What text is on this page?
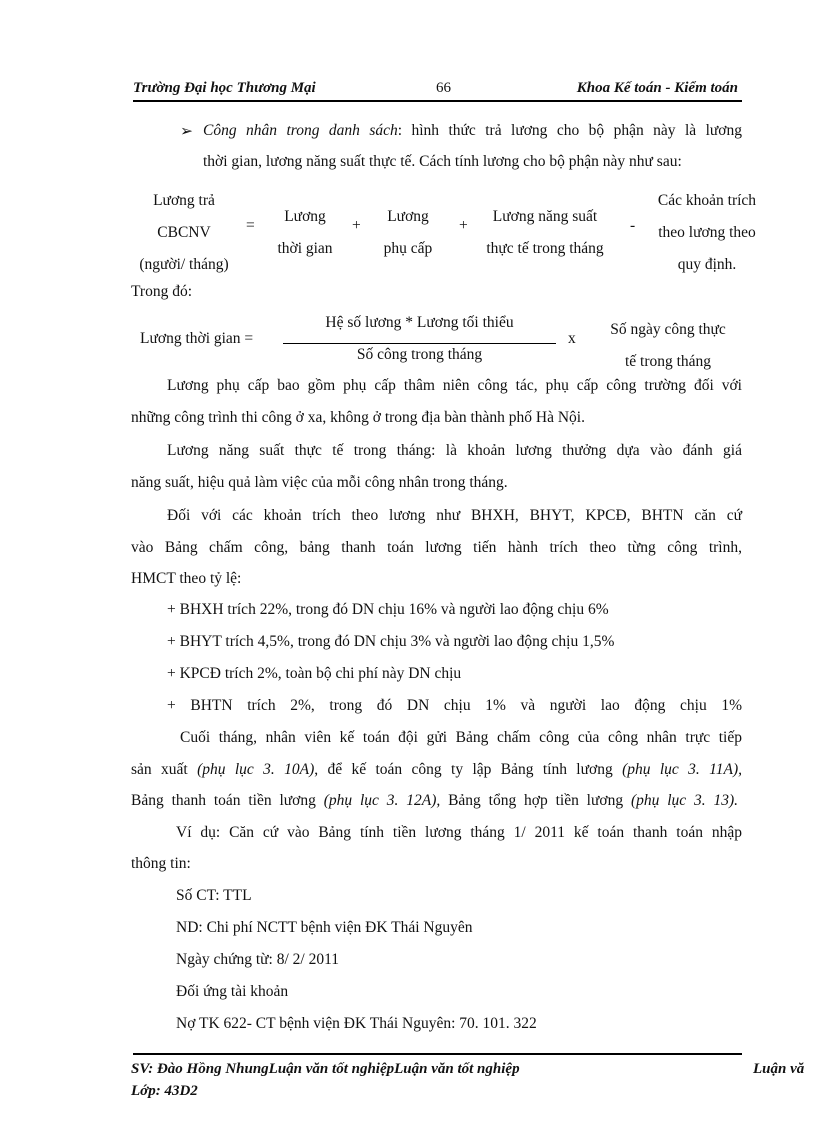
Trường Đại học Thương Mại	66	Khoa Kế toán - Kiểm toán
➢ Công nhân trong danh sách: hình thức trả lương cho bộ phận này là lương
thời gian, lương năng suất thực tế. Cách tính lương cho bộ phận này như sau:
Lương trả
CBCNV
(người/ tháng)
=
Lương
thời gian
+
Lương
phụ cấp
+
Lương năng suất
thực tế trong tháng
-
Các khoản trích
theo lương theo
quy định.
Trong đó:
Lương thời gian =
Hệ số lương * Lương tối thiểu
Số công trong tháng
x
Số ngày công thực
tế trong tháng
Lương phụ cấp bao gồm phụ cấp thâm niên công tác, phụ cấp công trường đối với
những công trình thi công ở xa, không ở trong địa bàn thành phố Hà Nội.
Lương năng suất thực tế trong tháng: là khoản lương thưởng dựa vào đánh giá
năng suất, hiệu quả làm việc của mỗi công nhân trong tháng.
Đối với các khoản trích theo lương như BHXH, BHYT, KPCĐ, BHTN căn cứ
vào Bảng chấm công, bảng thanh toán lương tiến hành trích theo từng công trình,
HMCT theo tỷ lệ:
+ BHXH trích 22%, trong đó DN chịu 16% và người lao động chịu 6%
+ BHYT trích 4,5%, trong đó DN chịu 3% và người lao động chịu 1,5%
+ KPCĐ trích 2%, toàn bộ chi phí này DN chịu
+ BHTN trích 2%, trong đó DN chịu 1% và người lao động chịu 1%
Cuối tháng, nhân viên kế toán đội gửi Bảng chấm công của công nhân trực tiếp
sản xuất (phụ lục 3. 10A), để kế toán công ty lập Bảng tính lương (phụ lục 3. 11A),
Bảng thanh toán tiền lương (phụ lục 3. 12A), Bảng tổng hợp tiền lương (phụ lục 3. 13).
Ví dụ: Căn cứ vào Bảng tính tiền lương tháng 1/ 2011 kế toán thanh toán nhập
thông tin:
Số CT: TTL
ND: Chi phí NCTT bệnh viện ĐK Thái Nguyên
Ngày chứng từ: 8/ 2/ 2011
Đối ứng tài khoản
Nợ TK 622- CT bệnh viện ĐK Thái Nguyên: 70. 101. 322
SV: Đào Hồng NhungLuận văn tốt nghiệpLuận văn tốt nghiệp	Luận vă
Lớp: 43D2
